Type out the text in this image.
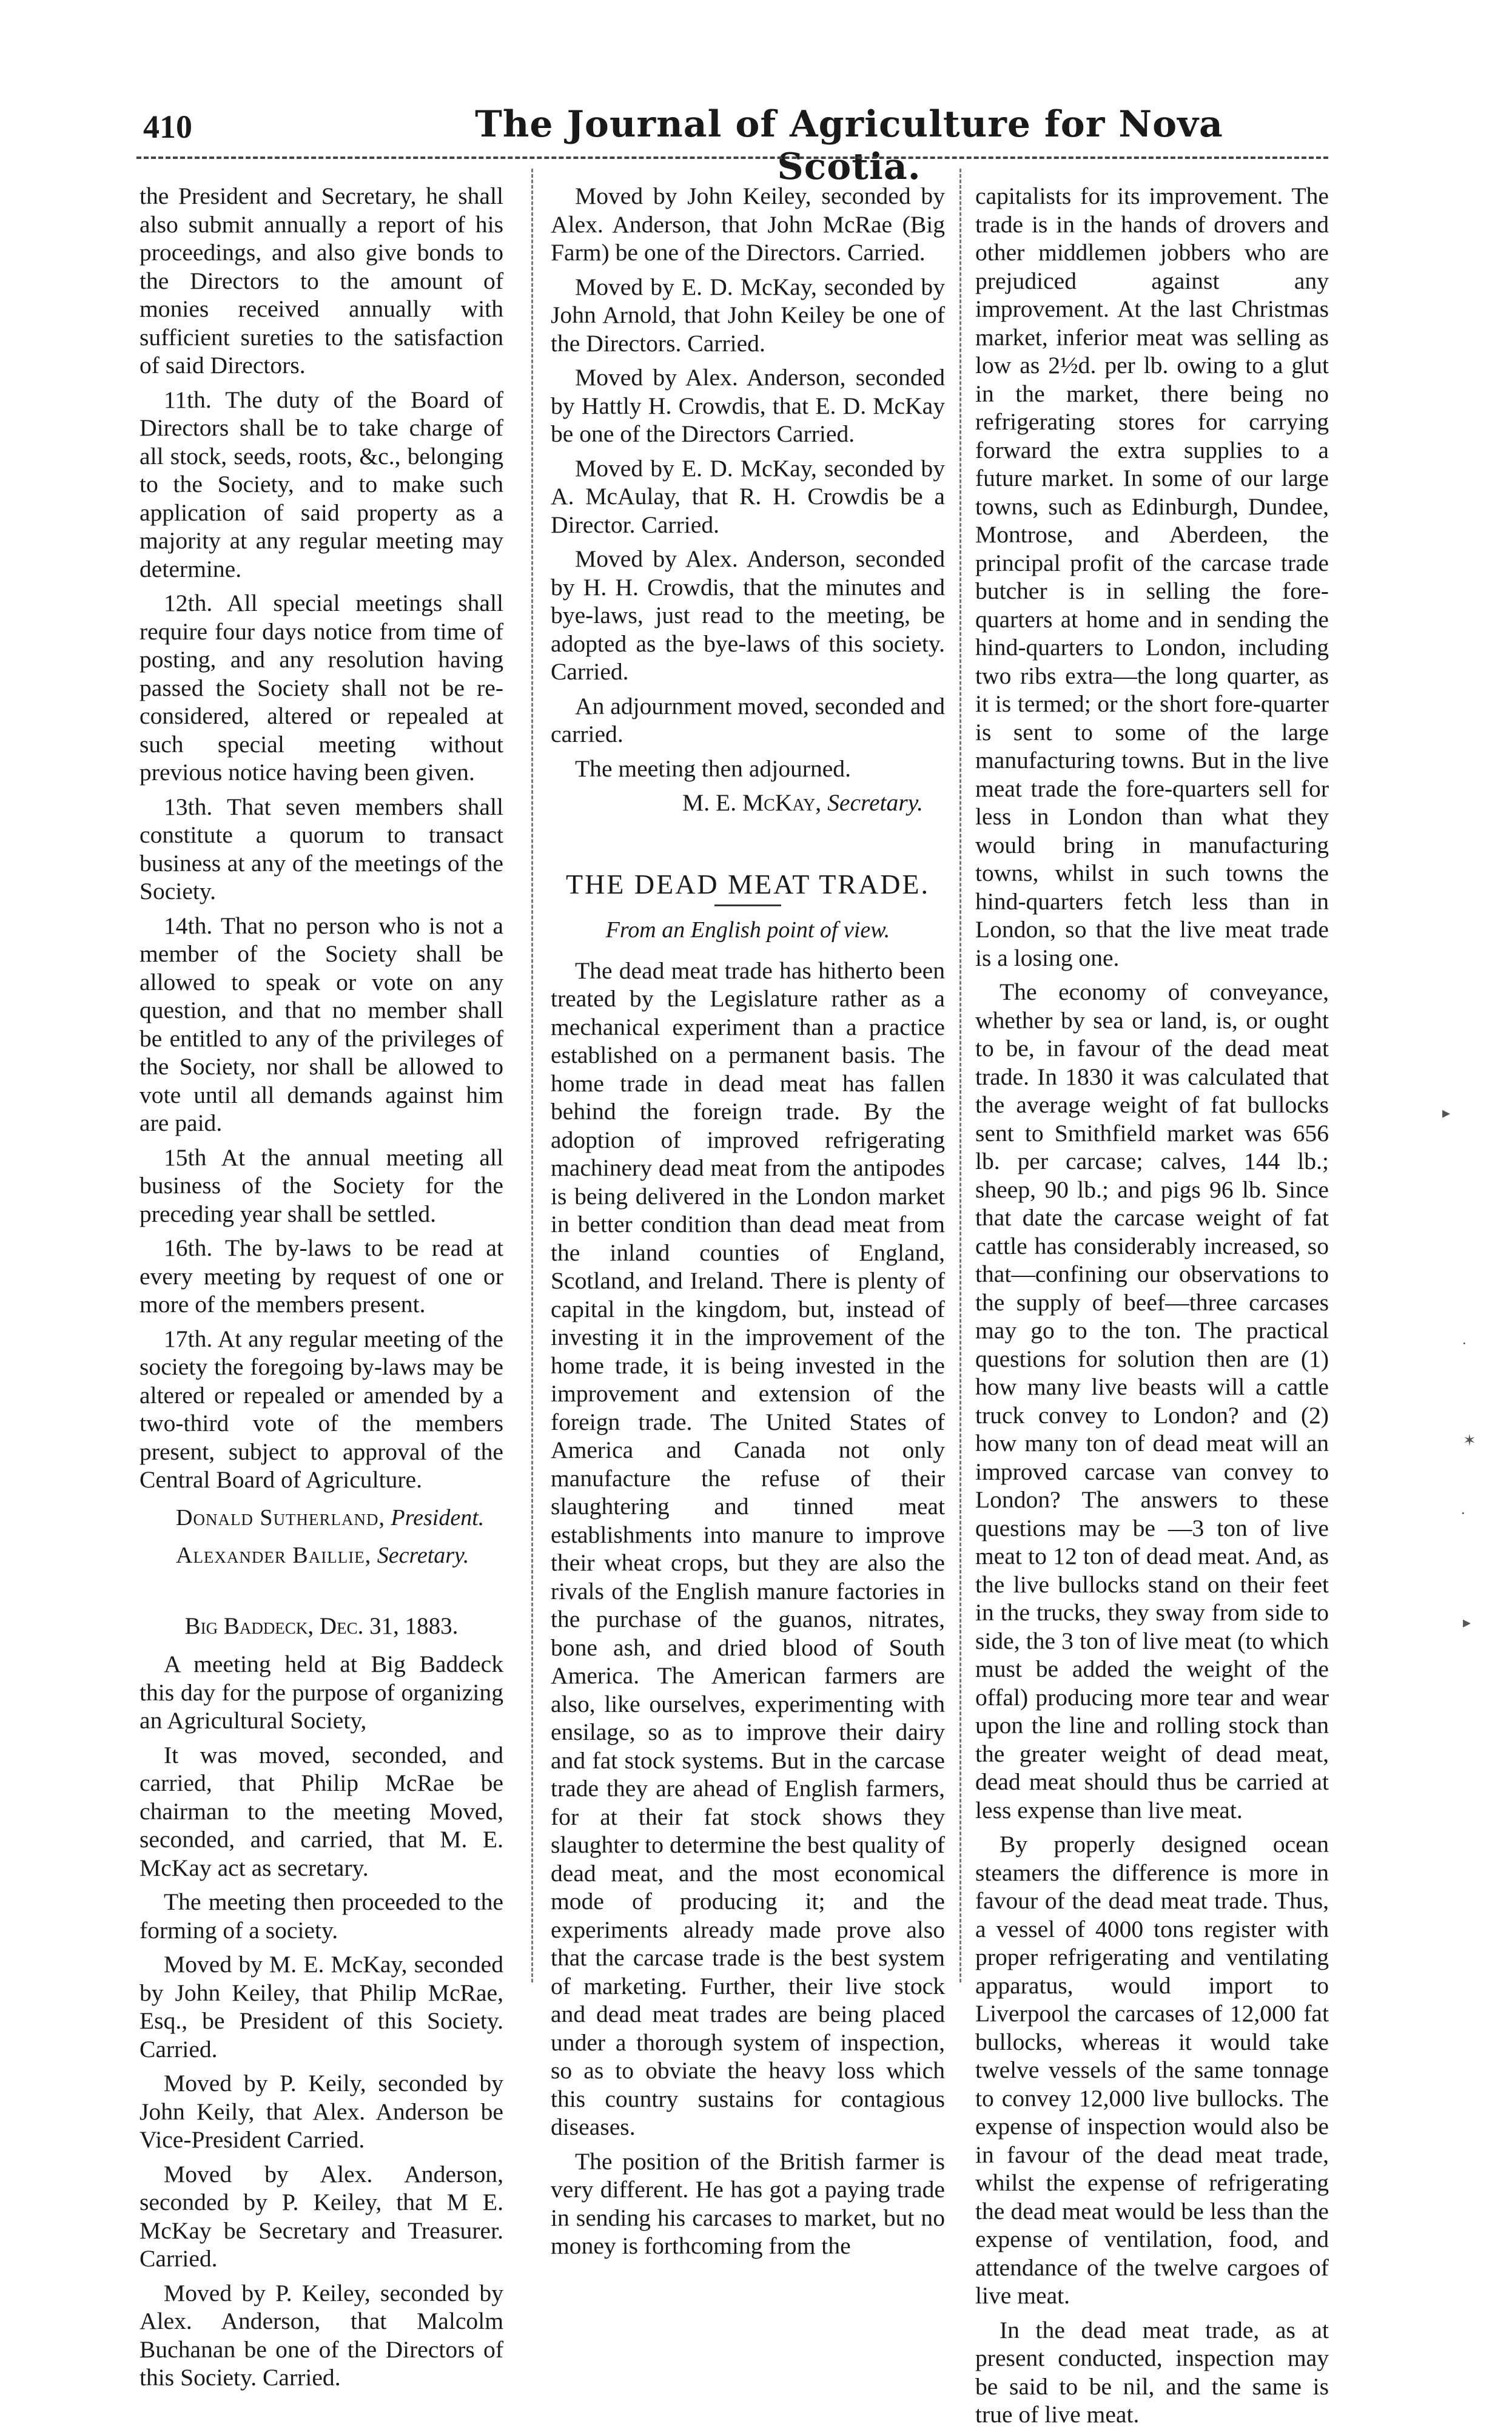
410	The Journal of Agriculture for Nova Scotia.

the President and Secretary, he shall also submit annually a report of his proceedings, and also give bonds to the Directors to the amount of monies received annually with sufficient sureties to the satisfaction of said Directors.

11th. The duty of the Board of Directors shall be to take charge of all stock, seeds, roots, &c., belonging to the Society, and to make such application of said property as a majority at any regular meeting may determine.

12th. All special meetings shall require four days notice from time of posting, and any resolution having passed the Society shall not be re-considered, altered or repealed at such special meeting without previous notice having been given.

13th. That seven members shall constitute a quorum to transact business at any of the meetings of the Society.

14th. That no person who is not a member of the Society shall be allowed to speak or vote on any question, and that no member shall be entitled to any of the privileges of the Society, nor shall be allowed to vote until all demands against him are paid.

15th At the annual meeting all business of the Society for the preceding year shall be settled.

16th. The by-laws to be read at every meeting by request of one or more of the members present.

17th. At any regular meeting of the society the foregoing by-laws may be altered or repealed or amended by a two-third vote of the members present, subject to approval of the Central Board of Agriculture.

Donald Sutherland, President.

Alexander Baillie, Secretary.

Big Baddeck, Dec. 31, 1883.

A meeting held at Big Baddeck this day for the purpose of organizing an Agricultural Society,

It was moved, seconded, and carried, that Philip McRae be chairman to the meeting Moved, seconded, and carried, that M. E. McKay act as secretary.

The meeting then proceeded to the forming of a society.

Moved by M. E. McKay, seconded by John Keiley, that Philip McRae, Esq., be President of this Society. Carried.

Moved by P. Keily, seconded by John Keily, that Alex. Anderson be Vice-President Carried.

Moved by Alex. Anderson, seconded by P. Keiley, that M E. McKay be Secretary and Treasurer. Carried.

Moved by P. Keiley, seconded by Alex. Anderson, that Malcolm Buchanan be one of the Directors of this Society. Carried.

Moved by John Keiley, seconded by Alex. Anderson, that John McRae (Big Farm) be one of the Directors. Carried.

Moved by E. D. McKay, seconded by John Arnold, that John Keiley be one of the Directors. Carried.

Moved by Alex. Anderson, seconded by Hattly H. Crowdis, that E. D. McKay be one of the Directors Carried.

Moved by E. D. McKay, seconded by A. McAulay, that R. H. Crowdis be a Director. Carried.

Moved by Alex. Anderson, seconded by H. H. Crowdis, that the minutes and bye-laws, just read to the meeting, be adopted as the bye-laws of this society. Carried.

An adjournment moved, seconded and carried.

The meeting then adjourned.

M. E. McKay, Secretary.

THE DEAD MEAT TRADE.
From an English point of view.

The dead meat trade has hitherto been treated by the Legislature rather as a mechanical experiment than a practice established on a permanent basis. The home trade in dead meat has fallen behind the foreign trade. By the adoption of improved refrigerating machinery dead meat from the antipodes is being delivered in the London market in better condition than dead meat from the inland counties of England, Scotland, and Ireland. There is plenty of capital in the kingdom, but, instead of investing it in the improvement of the home trade, it is being invested in the improvement and extension of the foreign trade. The United States of America and Canada not only manufacture the refuse of their slaughtering and tinned meat establishments into manure to improve their wheat crops, but they are also the rivals of the English manure factories in the purchase of the guanos, nitrates, bone ash, and dried blood of South America. The American farmers are also, like ourselves, experimenting with ensilage, so as to improve their dairy and fat stock systems. But in the carcase trade they are ahead of English farmers, for at their fat stock shows they slaughter to determine the best quality of dead meat, and the most economical mode of producing it; and the experiments already made prove also that the carcase trade is the best system of marketing. Further, their live stock and dead meat trades are being placed under a thorough system of inspection, so as to obviate the heavy loss which this country sustains for contagious diseases.

The position of the British farmer is very different. He has got a paying trade in sending his carcases to market, but no money is forthcoming from the

capitalists for its improvement. The trade is in the hands of drovers and other middlemen jobbers who are prejudiced against any improvement. At the last Christmas market, inferior meat was selling as low as 2½d. per lb. owing to a glut in the market, there being no refrigerating stores for carrying forward the extra supplies to a future market. In some of our large towns, such as Edinburgh, Dundee, Montrose, and Aberdeen, the principal profit of the carcase trade butcher is in selling the fore-quarters at home and in sending the hind-quarters to London, including two ribs extra—the long quarter, as it is termed; or the short fore-quarter is sent to some of the large manufacturing towns. But in the live meat trade the fore-quarters sell for less in London than what they would bring in manufacturing towns, whilst in such towns the hind-quarters fetch less than in London, so that the live meat trade is a losing one.

The economy of conveyance, whether by sea or land, is, or ought to be, in favour of the dead meat trade. In 1830 it was calculated that the average weight of fat bullocks sent to Smithfield market was 656 lb. per carcase; calves, 144 lb.; sheep, 90 lb.; and pigs 96 lb. Since that date the carcase weight of fat cattle has considerably increased, so that—confining our observations to the supply of beef—three carcases may go to the ton. The practical questions for solution then are (1) how many live beasts will a cattle truck convey to London? and (2) how many ton of dead meat will an improved carcase van convey to London? The answers to these questions may be —3 ton of live meat to 12 ton of dead meat. And, as the live bullocks stand on their feet in the trucks, they sway from side to side, the 3 ton of live meat (to which must be added the weight of the offal) producing more tear and wear upon the line and rolling stock than the greater weight of dead meat, dead meat should thus be carried at less expense than live meat.

By properly designed ocean steamers the difference is more in favour of the dead meat trade. Thus, a vessel of 4000 tons register with proper refrigerating and ventilating apparatus, would import to Liverpool the carcases of 12,000 fat bullocks, whereas it would take twelve vessels of the same tonnage to convey 12,000 live bullocks. The expense of inspection would also be in favour of the dead meat trade, whilst the expense of refrigerating the dead meat would be less than the expense of ventilation, food, and attendance of the twelve cargoes of live meat.

In the dead meat trade, as at present conducted, inspection may be said to be nil, and the same is true of live meat.

▸
·
✶
·
▸
